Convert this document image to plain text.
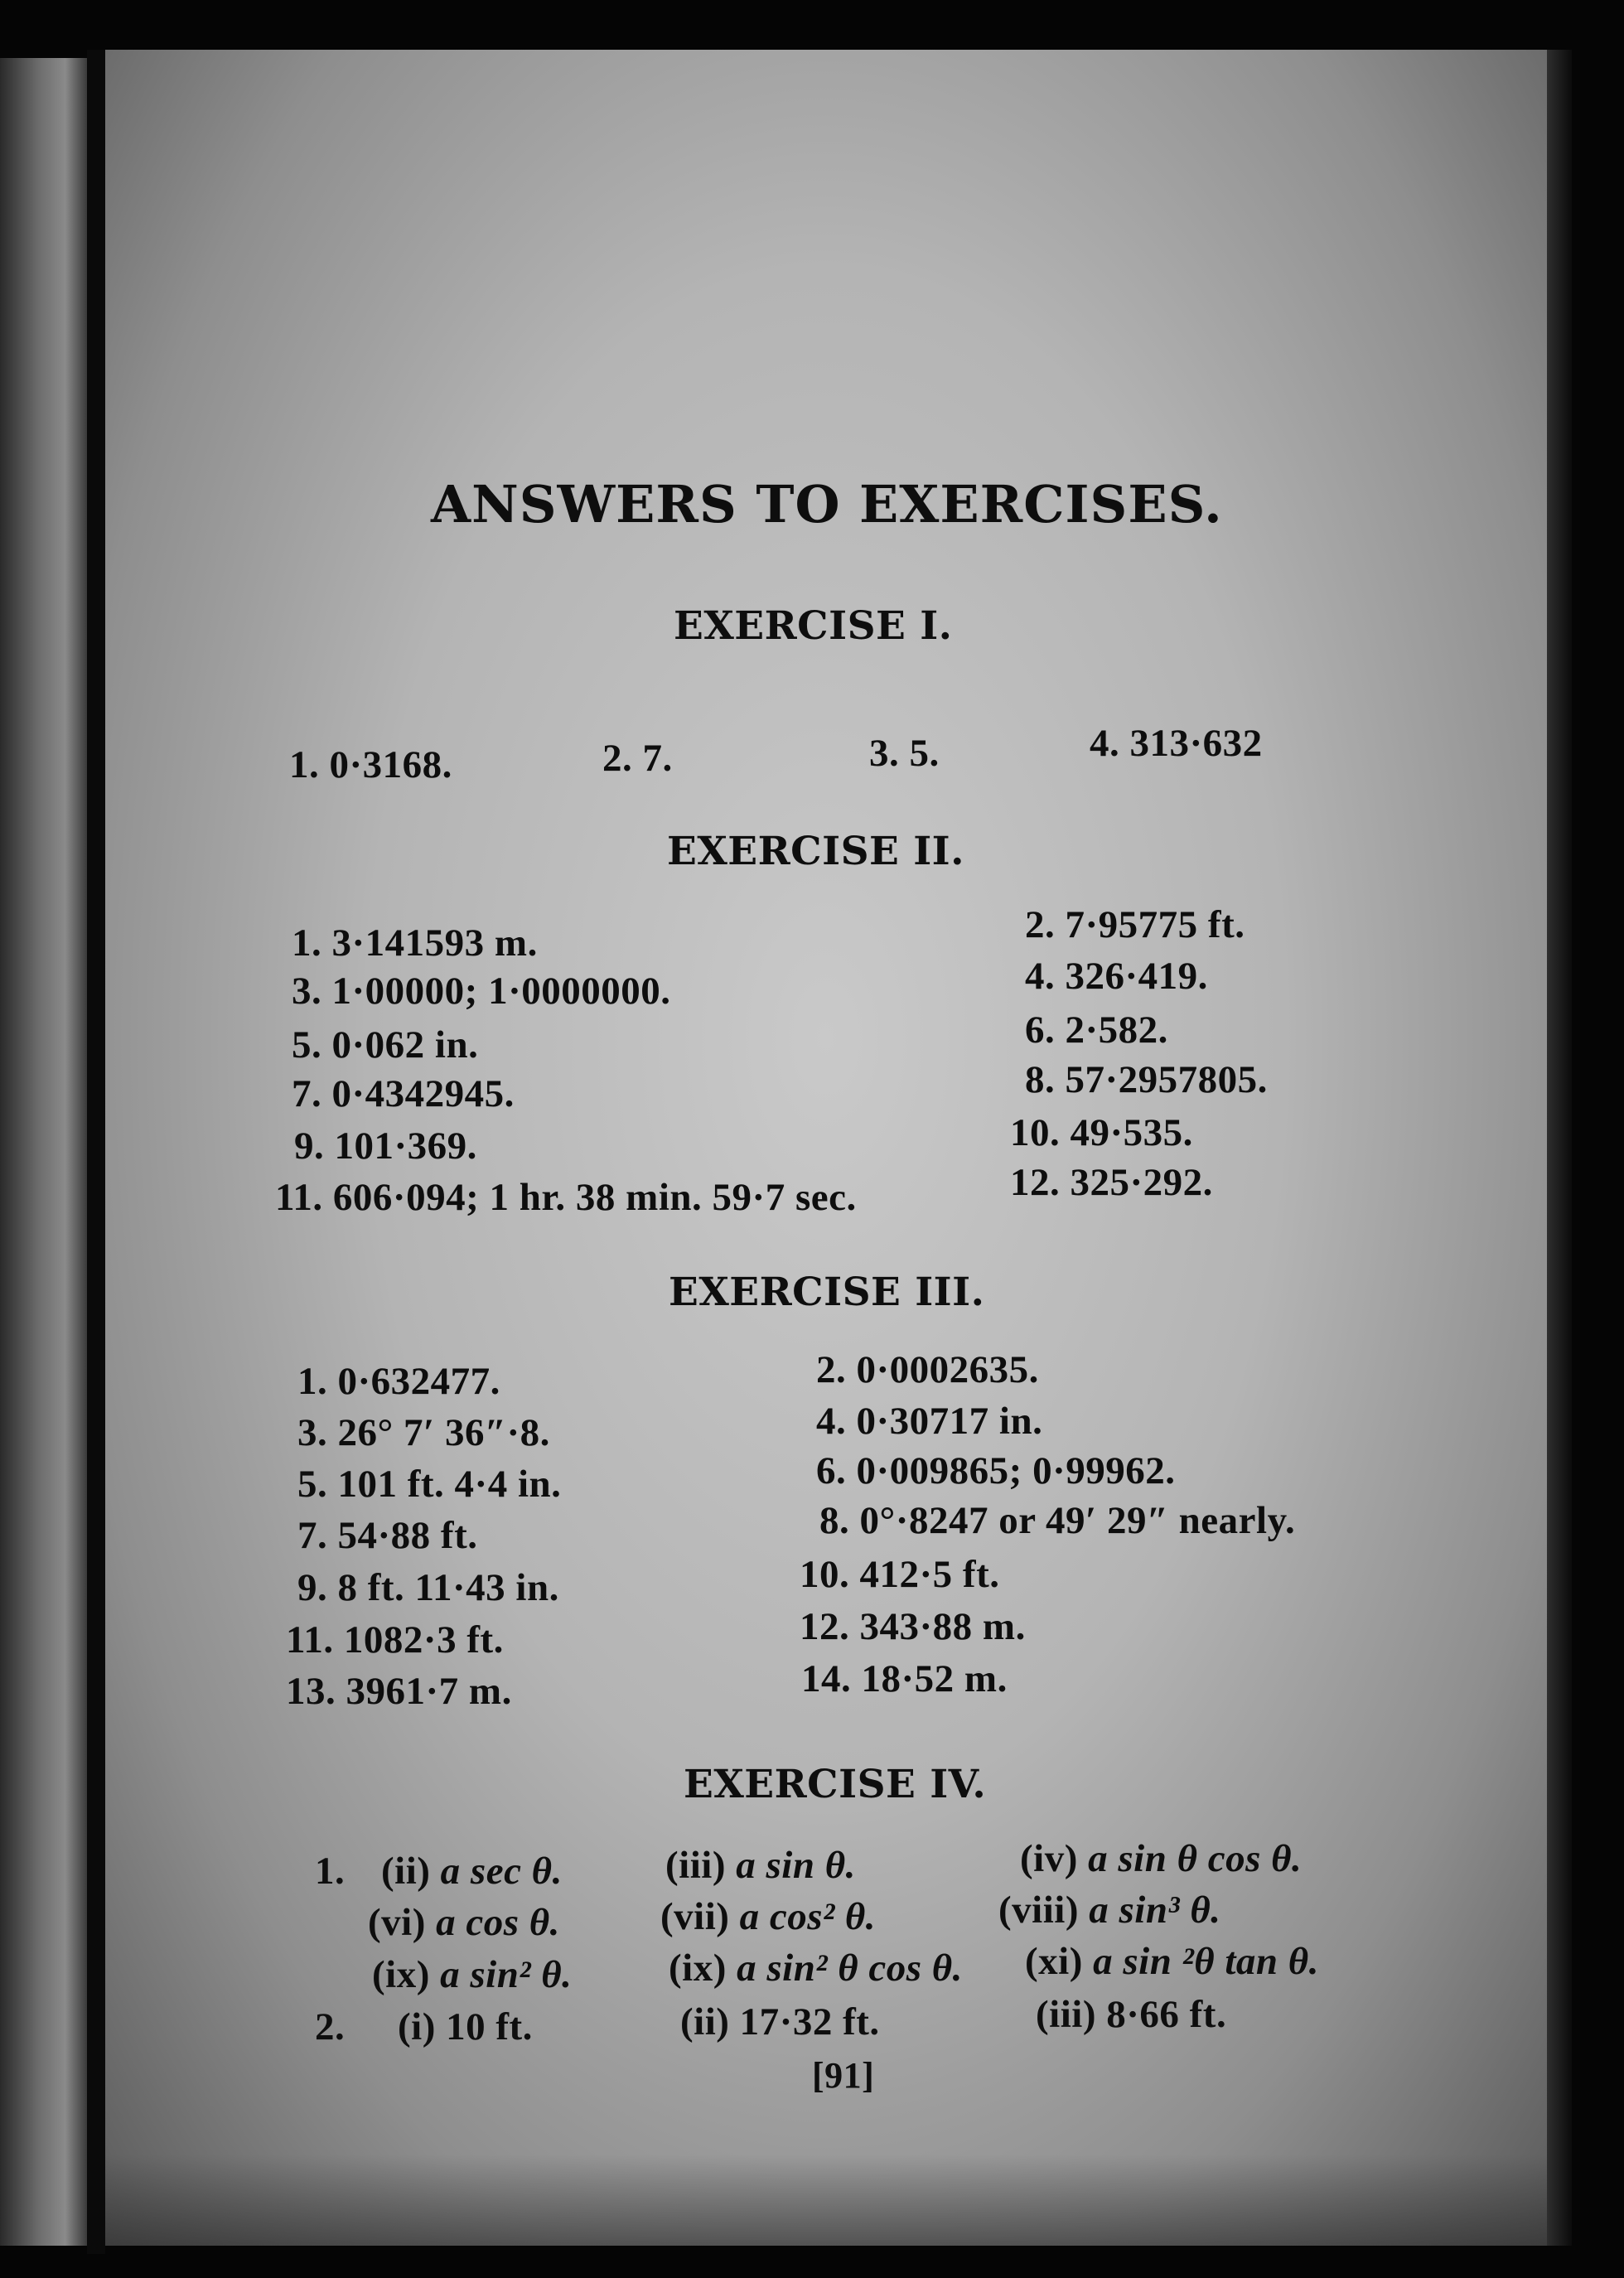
ANSWERS TO EXERCISES.
EXERCISE I.
1. 0·3168.	2. 7.	3. 5.	4. 313·632
EXERCISE II.
1. 3·141593 m.	2. 7·95775 ft.
3. 1·00000; 1·0000000.	4. 326·419.
5. 0·062 in.	6. 2·582.
7. 0·4342945.	8. 57·2957805.
9. 101·369.	10. 49·535.
11. 606·094; 1 hr. 38 min. 59·7 sec.	12. 325·292.
EXERCISE III.
1. 0·632477.	2. 0·0002635.
3. 26° 7′ 36″·8.	4. 0·30717 in.
5. 101 ft. 4·4 in.	6. 0·009865; 0·99962.
7. 54·88 ft.	8. 0°·8247 or 49′ 29″ nearly.
9. 8 ft. 11·43 in.	10. 412·5 ft.
11. 1082·3 ft.	12. 343·88 m.
13. 3961·7 m.	14. 18·52 m.
EXERCISE IV.
1. (ii) a sec θ.	(iii) a sin θ.	(iv) a sin θ cos θ.
(vi) a cos θ.	(vii) a cos² θ.	(viii) a sin³ θ.
(ix) a sin² θ. (ix) a sin² θ cos θ. (xi) a sin ²θ tan θ.
2. (i) 10 ft.	(ii) 17·32 ft.	(iii) 8·66 ft.
[91]
